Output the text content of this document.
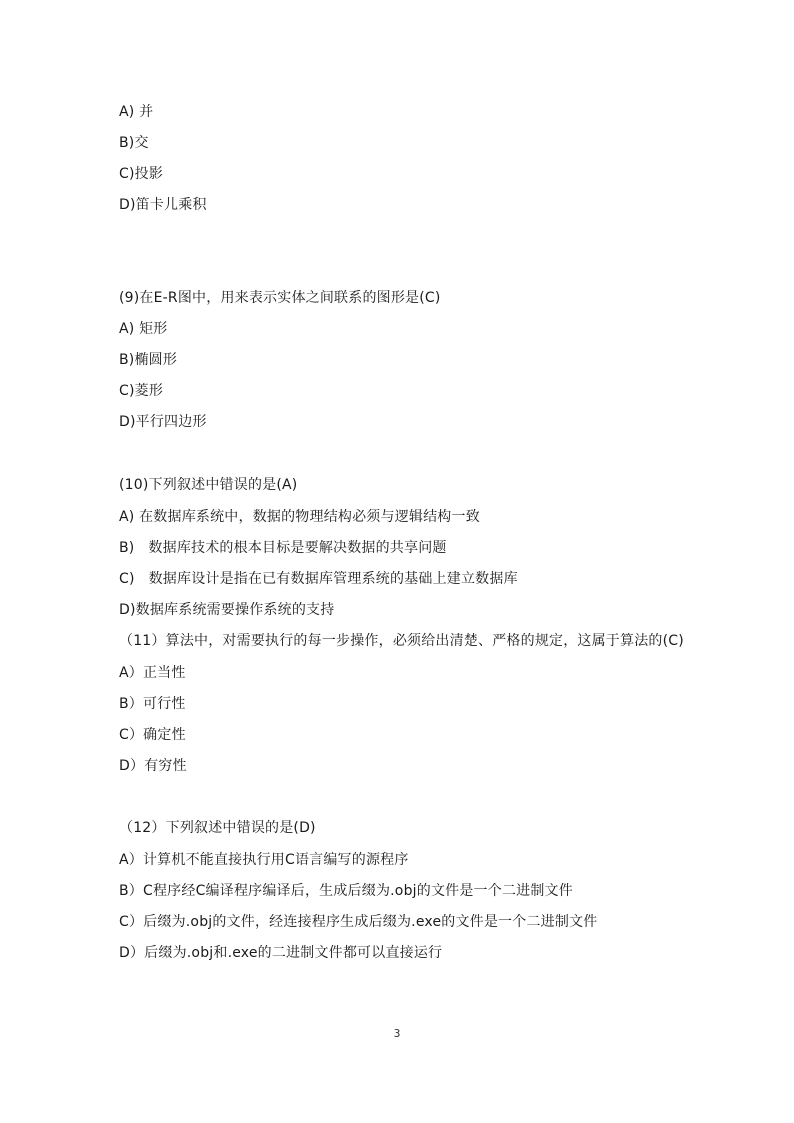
A) 并
B)交
C)投影
D)笛卡儿乘积
(9)在E-R图中，用来表示实体之间联系的图形是(C)
A) 矩形
B)椭圆形
C)菱形
D)平行四边形
(10)下列叙述中错误的是(A)
A) 在数据库系统中，数据的物理结构必须与逻辑结构一致
B)   数据库技术的根本目标是要解决数据的共享问题
C)   数据库设计是指在已有数据库管理系统的基础上建立数据库
D)数据库系统需要操作系统的支持
（11）算法中，对需要执行的每一步操作，必须给出清楚、严格的规定，这属于算法的(C)
A）正当性
B）可行性
C）确定性
D）有穷性
（12）下列叙述中错误的是(D)
A）计算机不能直接执行用C语言编写的源程序
B）C程序经C编译程序编译后，生成后缀为.obj的文件是一个二进制文件
C）后缀为.obj的文件，经连接程序生成后缀为.exe的文件是一个二进制文件
D）后缀为.obj和.exe的二进制文件都可以直接运行
3
